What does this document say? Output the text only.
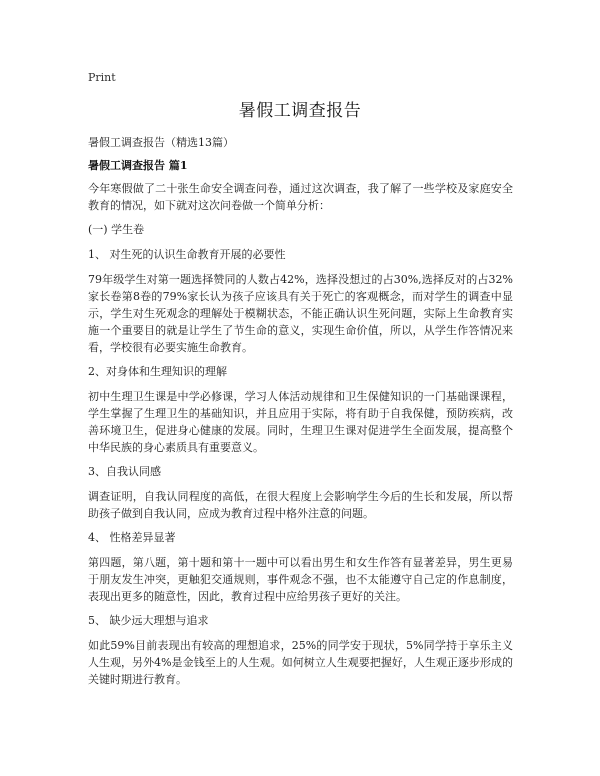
Print
暑假工调查报告

暑假工调查报告（精选13篇）

暑假工调查报告 篇1

今年寒假做了二十张生命安全调查问卷，通过这次调查，我了解了一些学校及家庭安全教育的情况，如下就对这次问卷做一个简单分析：

(一) 学生卷

1、 对生死的认识生命教育开展的必要性

79年级学生对第一题选择赞同的人数占42%，选择没想过的占30%,选择反对的占32%家长卷第8卷的79%家长认为孩子应该具有关于死亡的客观概念，而对学生的调查中显示，学生对生死观念的理解处于模糊状态，不能正确认识生死问题，实际上生命教育实施一个重要目的就是让学生了节生命的意义，实现生命价值，所以，从学生作答情况来看，学校很有必要实施生命教育。

2、对身体和生理知识的理解

初中生理卫生课是中学必修课，学习人体活动规律和卫生保健知识的一门基础课课程，学生掌握了生理卫生的基础知识，并且应用于实际，将有助于自我保健，预防疾病，改善环境卫生，促进身心健康的发展。同时，生理卫生课对促进学生全面发展，提高整个中华民族的身心素质具有重要意义。

3、自我认同感

调查证明，自我认同程度的高低，在很大程度上会影响学生今后的生长和发展，所以帮助孩子做到自我认同，应成为教育过程中格外注意的问题。

4、 性格差异显著

第四题，第八题，第十题和第十一题中可以看出男生和女生作答有显著差异，男生更易于朋友发生冲突，更触犯交通规则，事件观念不强，也不太能遵守自己定的作息制度，表现出更多的随意性，因此，教育过程中应给男孩子更好的关注。

5、 缺少远大理想与追求

如此59%目前表现出有较高的理想追求，25%的同学安于现状，5%同学持于享乐主义人生观，另外4%是金钱至上的人生观。如何树立人生观要把握好，人生观正逐步形成的关键时期进行教育。
